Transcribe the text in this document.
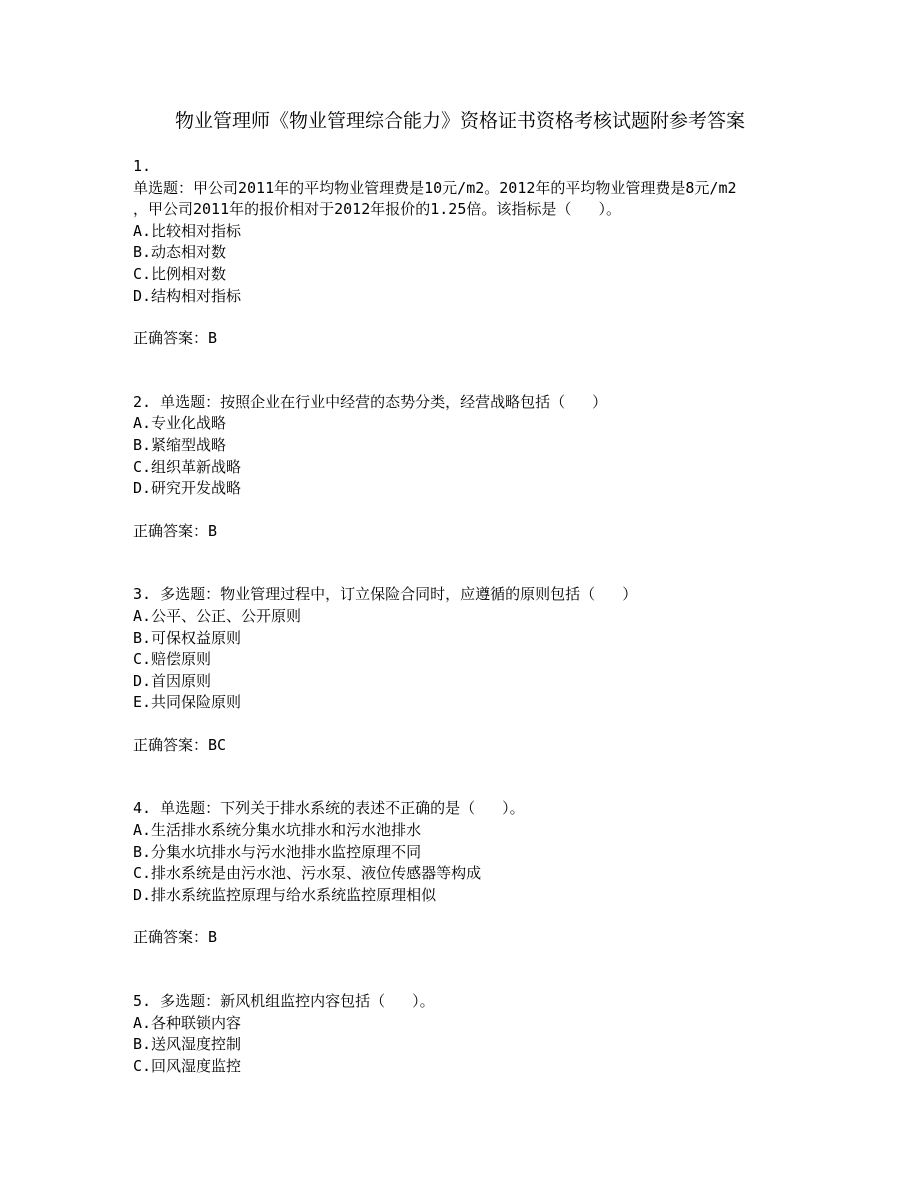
物业管理师《物业管理综合能力》资格证书资格考核试题附参考答案
1.
单选题：甲公司2011年的平均物业管理费是10元/m2。2012年的平均物业管理费是8元/m2
，甲公司2011年的报价相对于2012年报价的1.25倍。该指标是（   ）。
A.比较相对指标
B.动态相对数
C.比例相对数
D.结构相对指标
正确答案：B
2. 单选题：按照企业在行业中经营的态势分类，经营战略包括（   ）
A.专业化战略
B.紧缩型战略
C.组织革新战略
D.研究开发战略
正确答案：B
3. 多选题：物业管理过程中，订立保险合同时，应遵循的原则包括（   ）
A.公平、公正、公开原则
B.可保权益原则
C.赔偿原则
D.首因原则
E.共同保险原则
正确答案：BC
4. 单选题：下列关于排水系统的表述不正确的是（   ）。
A.生活排水系统分集水坑排水和污水池排水
B.分集水坑排水与污水池排水监控原理不同
C.排水系统是由污水池、污水泵、液位传感器等构成
D.排水系统监控原理与给水系统监控原理相似
正确答案：B
5. 多选题：新风机组监控内容包括（   ）。
A.各种联锁内容
B.送风湿度控制
C.回风湿度监控
